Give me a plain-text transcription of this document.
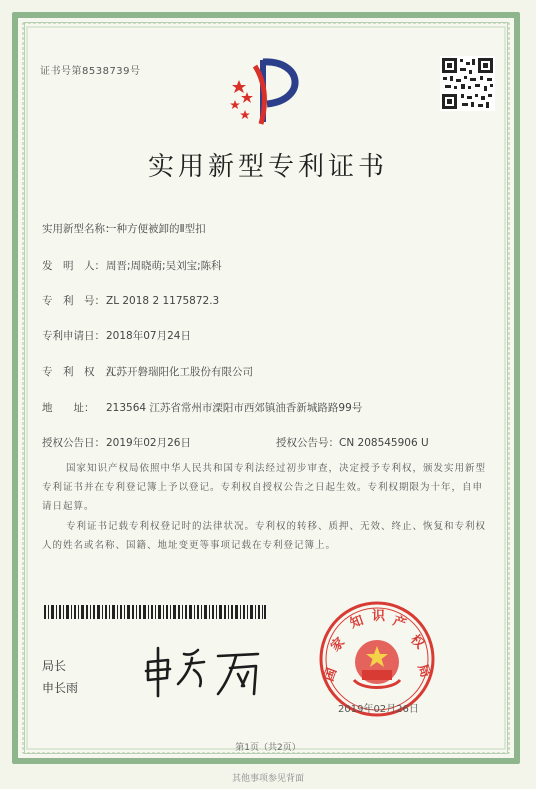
证书号第8538739号
实用新型专利证书
实用新型名称：一种方便被卸的Ⅱ型扣
发　明　人：周晋;周晓萌;吴刘宝;陈科
专　利　号：ZL 2018 2 1175872.3
专利申请日：2018年07月24日
专　利　权　人：江苏开磐瑞阳化工股份有限公司
地　　址： 213564 江苏省常州市溧阳市西郊镇油香新城路路99号
授权公告日：2019年02月26日	授权公告号：CN 208545906 U
国家知识产权局依照中华人民共和国专利法经过初步审查，决定授予专利权，颁发实用新型专利证书并在专利登记簿上予以登记。专利权自授权公告之日起生效。专利权期限为十年，自申请日起算。
专利证书记载专利权登记时的法律状况。专利权的转移、质押、无效、终止、恢复和专利权人的姓名或名称、国籍、地址变更等事项记载在专利登记簿上。
局长
申长雨
国
家
知 识 产
权
局
2019年02月26日
第1页（共2页）
其他事项参见背面
